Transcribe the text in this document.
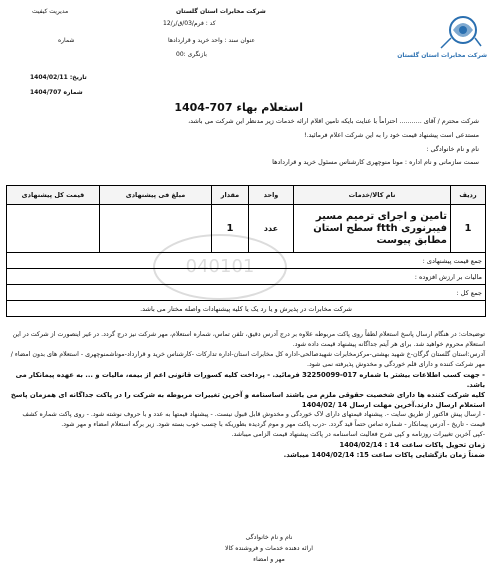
شرکت مخابرات استان گلستان
مدیریت کیفیت	شرکت مخابرات استان گلستان
کد : فرم/03/ق/ر/12
عنوان سند : واحد خرید و قراردادها
شماره
بازنگری :00
تاریخ: 1404/02/11
شماره 1404/707
استعلام بهاء 707-1404
شرکت محترم / آقای ........... احتراماً با عنایت بایکه تامین اقلام ارائه خدمات زیر مدنظر این شرکت می باشد،
مستدعی است پیشنهاد قیمت خود را به این شرکت اعلام فرمائید.!
نام و نام خانوادگی :
سمت سازمانی و نام اداره : مونا منوچهری کارشناس مسئول خرید و قراردادها
040101
ردیف	نام کالا/خدمات	واحد	مقدار	مبلغ فی پیشنهادی	قیمت کل پیشنهادی
1	تامین و اجرای ترمیم مسیر فیبرنوری ftth سطح استان مطابق پیوست	عدد	1		
جمع قیمت پیشنهادی :					
مالیات بر ارزش افزوده :					
جمع کل :					
شرکت مخابرات در پذیرش و یا رد یک یا کلیه پیشنهادات واصله مختار می باشد.					
توضیحات: در هنگام ارسال پاسخ استعلام لطفاً روی پاکت مربوطه علاوه بر درج آدرس دقیق، تلفن تماس، شماره استعلام، مهر شرکت نیز درج گردد. در غیر اینصورت از شرکت در این استعلام محروم خواهید شد. برای هر آیتم جداگانه پیشنهاد قیمت داده شود.
آدرس:استان گلستان گرگان-خ شهید بهشتی-مرکزمخابرات شهیدصالحی-اداره کل مخابرات استان-اداره تدارکات -کارشناس خرید و قرارداد-موناشمنوچهری - استعلام های بدون امضاء / مهر شرکت کننده و دارای قلم خوردگی و مخدوش پذیرفته نمی شود.
- جهت کسب اطلاعات بیشتر با شماره 017-32250099 فرمائید. - پرداخت کلیه کسورات قانونی اعم از بیمه، مالیات و ... به عهده پیمانکار می باشد.
کلیه شرکت کننده ها دارای شخصیت حقوقی ملزم می باشند اساسنامه و آخرین تغییرات مربوطه به شرکت را در پاکت جداگانه ای همزمان پاسخ استعلام ارسال دارند.آخرین مهلت ارسال 14 /1404/02
- ارسال پیش فاکتور از طریق سایت -. پیشنهاد قیمتهای دارای لاک خوردگی و مخدوش قابل قبول نیست. - پیشنهاد قیمتها به عدد و با حروف نوشته شود. - روی پاکت شماره کشف قیمت - تاریخ - آدرس پیمانکار - شماره تماس حتماً قید گردد. -درب پاکت مهر و موم گردیده بطوریکه با چسب خوب بسته شود. زیر برگه استعلام امضاء و مهر شود.
-کپی آخرین تغییرات روزنامه و کپی شرح فعالیت اساسنامه در پاکت پیشنهاد قیمت الزامی میباشد.
زمان تحویل پاکات ساعت 14 : 1404/02/14
ضمناً زمان بازگشایی پاکات ساعت 15: 1404/02/14 میباشد.
نام و نام خانوادگی
ارائه دهنده خدمات و فروشنده کالا
مهر و امضاء
